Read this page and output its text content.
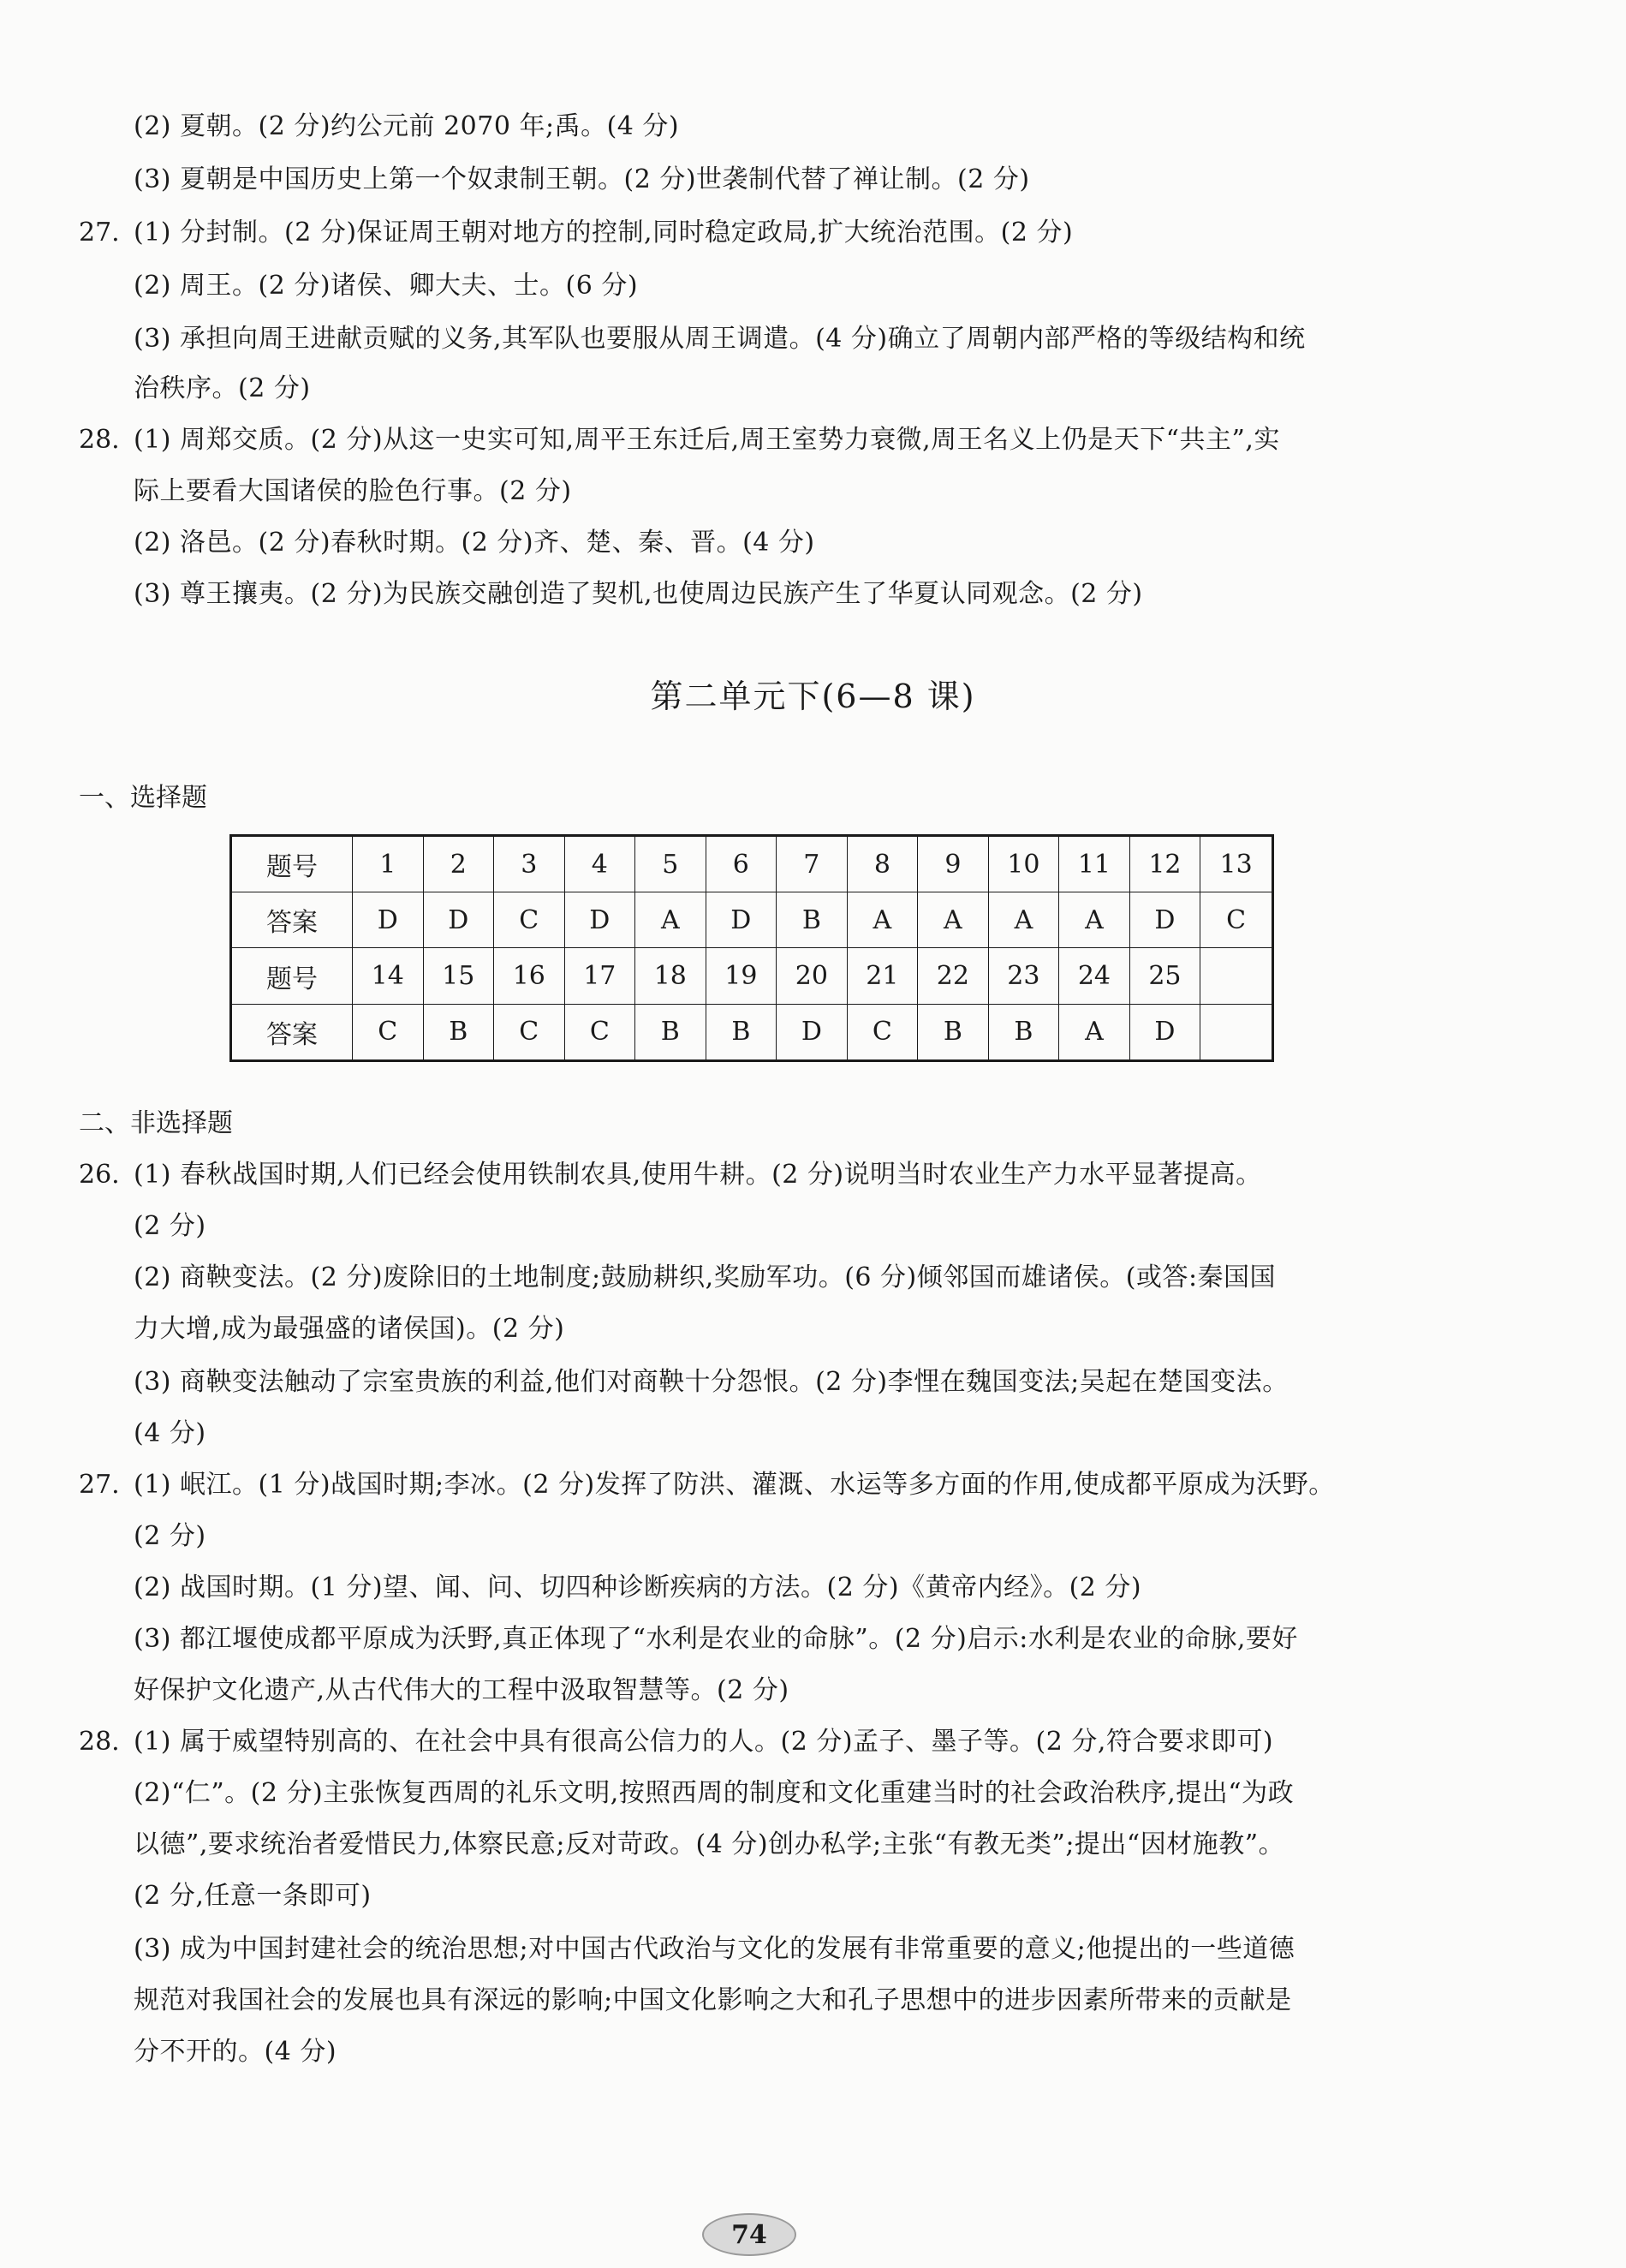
(2) 夏朝。(2 分)约公元前 2070 年;禹。(4 分)
(3) 夏朝是中国历史上第一个奴隶制王朝。(2 分)世袭制代替了禅让制。(2 分)
27. (1) 分封制。(2 分)保证周王朝对地方的控制,同时稳定政局,扩大统治范围。(2 分)
(2) 周王。(2 分)诸侯、卿大夫、士。(6 分)
(3) 承担向周王进献贡赋的义务,其军队也要服从周王调遣。(4 分)确立了周朝内部严格的等级结构和统
治秩序。(2 分)
28. (1) 周郑交质。(2 分)从这一史实可知,周平王东迁后,周王室势力衰微,周王名义上仍是天下“共主”,实
际上要看大国诸侯的脸色行事。(2 分)
(2) 洛邑。(2 分)春秋时期。(2 分)齐、楚、秦、晋。(4 分)
(3) 尊王攘夷。(2 分)为民族交融创造了契机,也使周边民族产生了华夏认同观念。(2 分)
第二单元下(6—8 课)
一、选择题
题号	1	2	3	4	5	6	7	8	9	10	11	12	13
答案	D	D	C	D	A	D	B	A	A	A	A	D	C
题号	14	15	16	17	18	19	20	21	22	23	24	25	
答案	C	B	C	C	B	B	D	C	B	B	A	D	
二、非选择题
26. (1) 春秋战国时期,人们已经会使用铁制农具,使用牛耕。(2 分)说明当时农业生产力水平显著提高。
(2 分)
(2) 商鞅变法。(2 分)废除旧的土地制度;鼓励耕织,奖励军功。(6 分)倾邻国而雄诸侯。(或答:秦国国
力大增,成为最强盛的诸侯国)。(2 分)
(3) 商鞅变法触动了宗室贵族的利益,他们对商鞅十分怨恨。(2 分)李悝在魏国变法;吴起在楚国变法。
(4 分)
27. (1) 岷江。(1 分)战国时期;李冰。(2 分)发挥了防洪、灌溉、水运等多方面的作用,使成都平原成为沃野。
(2 分)
(2) 战国时期。(1 分)望、闻、问、切四种诊断疾病的方法。(2 分)《黄帝内经》。(2 分)
(3) 都江堰使成都平原成为沃野,真正体现了“水利是农业的命脉”。(2 分)启示:水利是农业的命脉,要好
好保护文化遗产,从古代伟大的工程中汲取智慧等。(2 分)
28. (1) 属于威望特别高的、在社会中具有很高公信力的人。(2 分)孟子、墨子等。(2 分,符合要求即可)
(2)“仁”。(2 分)主张恢复西周的礼乐文明,按照西周的制度和文化重建当时的社会政治秩序,提出“为政
以德”,要求统治者爱惜民力,体察民意;反对苛政。(4 分)创办私学;主张“有教无类”;提出“因材施教”。
(2 分,任意一条即可)
(3) 成为中国封建社会的统治思想;对中国古代政治与文化的发展有非常重要的意义;他提出的一些道德
规范对我国社会的发展也具有深远的影响;中国文化影响之大和孔子思想中的进步因素所带来的贡献是
分不开的。(4 分)
74
